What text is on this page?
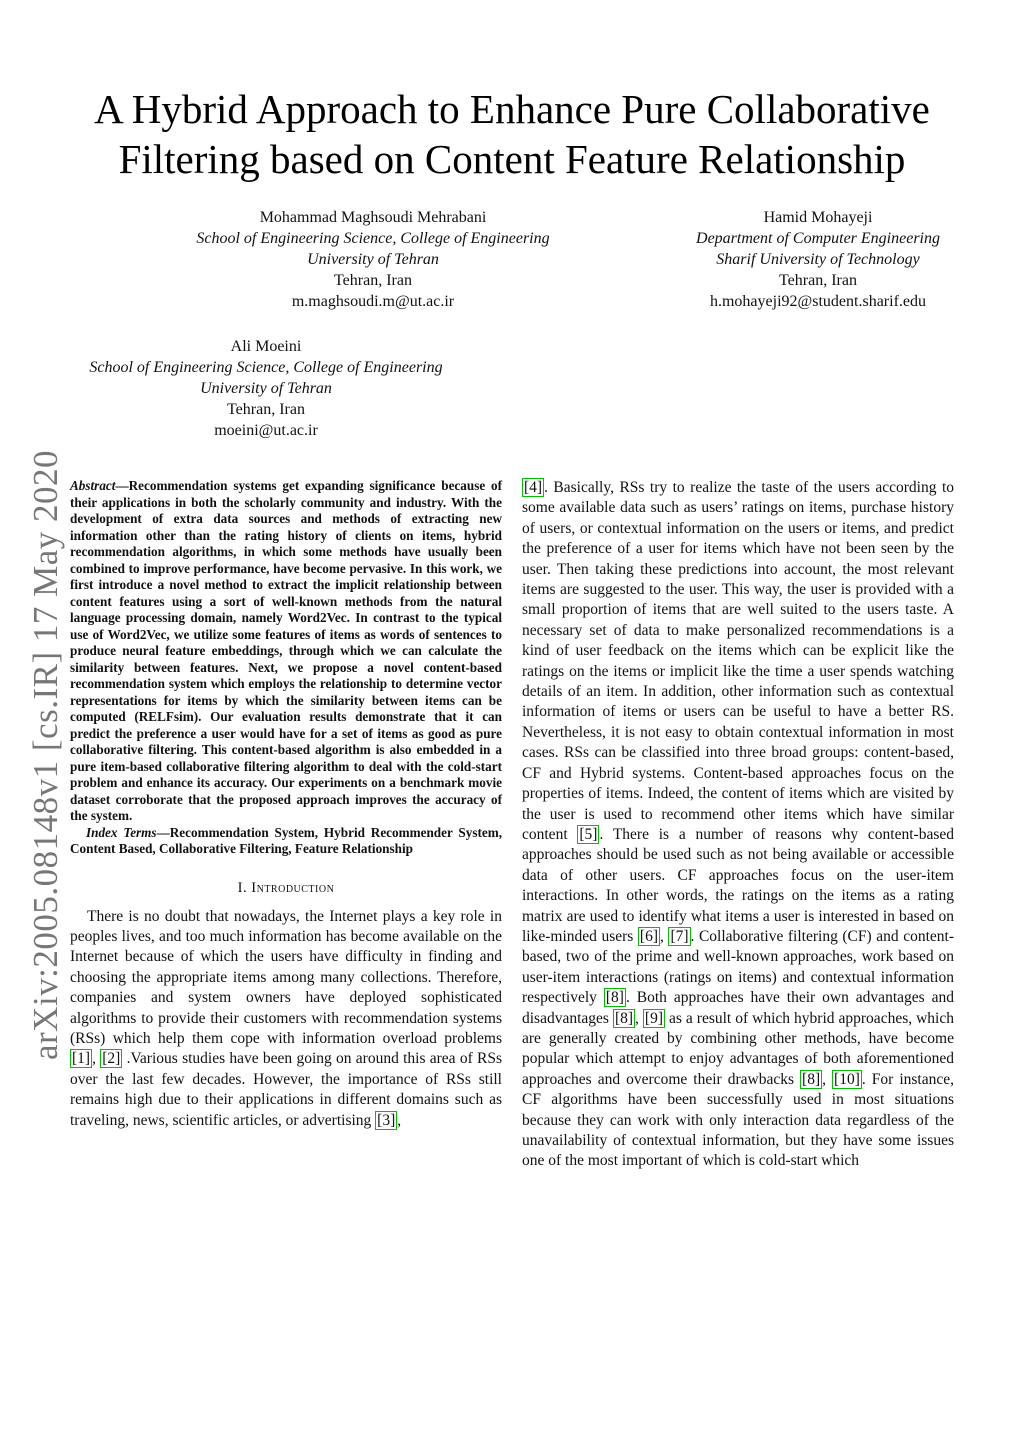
arXiv:2005.08148v1 [cs.IR] 17 May 2020
A Hybrid Approach to Enhance Pure Collaborative Filtering based on Content Feature Relationship
Mohammad Maghsoudi Mehrabani
School of Engineering Science, College of Engineering
University of Tehran
Tehran, Iran
m.maghsoudi.m@ut.ac.ir
Hamid Mohayeji
Department of Computer Engineering
Sharif University of Technology
Tehran, Iran
h.mohayeji92@student.sharif.edu
Ali Moeini
School of Engineering Science, College of Engineering
University of Tehran
Tehran, Iran
moeini@ut.ac.ir

Abstract—Recommendation systems get expanding significance because of their applications in both the scholarly community and industry. With the development of extra data sources and methods of extracting new information other than the rating history of clients on items, hybrid recommendation algorithms, in which some methods have usually been combined to improve performance, have become pervasive. In this work, we first introduce a novel method to extract the implicit relationship between content features using a sort of well-known methods from the natural language processing domain, namely Word2Vec. In contrast to the typical use of Word2Vec, we utilize some features of items as words of sentences to produce neural feature embeddings, through which we can calculate the similarity between features. Next, we propose a novel content-based recommendation system which employs the relationship to determine vector representations for items by which the similarity between items can be computed (RELFsim). Our evaluation results demonstrate that it can predict the preference a user would have for a set of items as good as pure collaborative filtering. This content-based algorithm is also embedded in a pure item-based collaborative filtering algorithm to deal with the cold-start problem and enhance its accuracy. Our experiments on a benchmark movie dataset corroborate that the proposed approach improves the accuracy of the system.

Index Terms—Recommendation System, Hybrid Recommender System, Content Based, Collaborative Filtering, Feature Relationship

I. Introduction

There is no doubt that nowadays, the Internet plays a key role in peoples lives, and too much information has become available on the Internet because of which the users have difficulty in finding and choosing the appropriate items among many collections. Therefore, companies and system owners have deployed sophisticated algorithms to provide their customers with recommendation systems (RSs) which help them cope with information overload problems [1] , [2] .Various studies have been going on around this area of RSs over the last few decades. However, the importance of RSs still remains high due to their applications in different domains such as traveling, news, scientific articles, or advertising [3] ,

[4] . Basically, RSs try to realize the taste of the users according to some available data such as users’ ratings on items, purchase history of users, or contextual information on the users or items, and predict the preference of a user for items which have not been seen by the user. Then taking these predictions into account, the most relevant items are suggested to the user. This way, the user is provided with a small proportion of items that are well suited to the users taste. A necessary set of data to make personalized recommendations is a kind of user feedback on the items which can be explicit like the ratings on the items or implicit like the time a user spends watching details of an item. In addition, other information such as contextual information of items or users can be useful to have a better RS. Nevertheless, it is not easy to obtain contextual information in most cases. RSs can be classified into three broad groups: content-based, CF and Hybrid systems. Content-based approaches focus on the properties of items. Indeed, the content of items which are visited by the user is used to recommend other items which have similar content [5] . There is a number of reasons why content-based approaches should be used such as not being available or accessible data of other users. CF approaches focus on the user-item interactions. In other words, the ratings on the items as a rating matrix are used to identify what items a user is interested in based on like-minded users [6] , [7] . Collaborative filtering (CF) and content-based, two of the prime and well-known approaches, work based on user-item interactions (ratings on items) and contextual information respectively [8] . Both approaches have their own advantages and disadvantages [8] , [9] as a result of which hybrid approaches, which are generally created by combining other methods, have become popular which attempt to enjoy advantages of both aforementioned approaches and overcome their drawbacks [8] , [10] . For instance, CF algorithms have been successfully used in most situations because they can work with only interaction data regardless of the unavailability of contextual information, but they have some issues one of the most important of which is cold-start which
